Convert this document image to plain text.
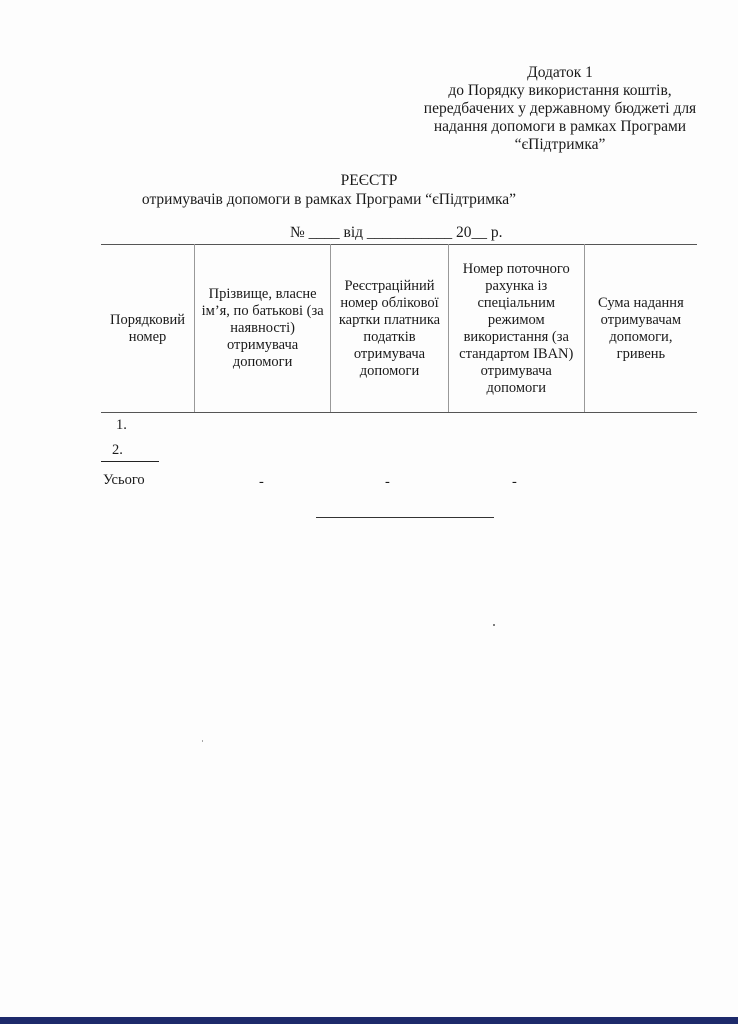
Додаток 1
до Порядку використання коштів,
передбачених у державному бюджеті для
надання допомоги в рамках Програми
“єПідтримка”
РЕЄСТР
отримувачів допомоги в рамках Програми “єПідтримка”
№ ____ від ___________ 20__ р.
Порядковий номер	Прізвище, власне ім’я, по батькові (за наявності) отримувача допомоги	Реєстраційний номер облікової картки платника податків отримувача допомоги	Номер поточного рахунка із спеціальним режимом використання (за стандартом IBAN) отримувача допомоги	Сума надання отримувачам допомоги, гривень
1.
2.
Усього	-	-	-
